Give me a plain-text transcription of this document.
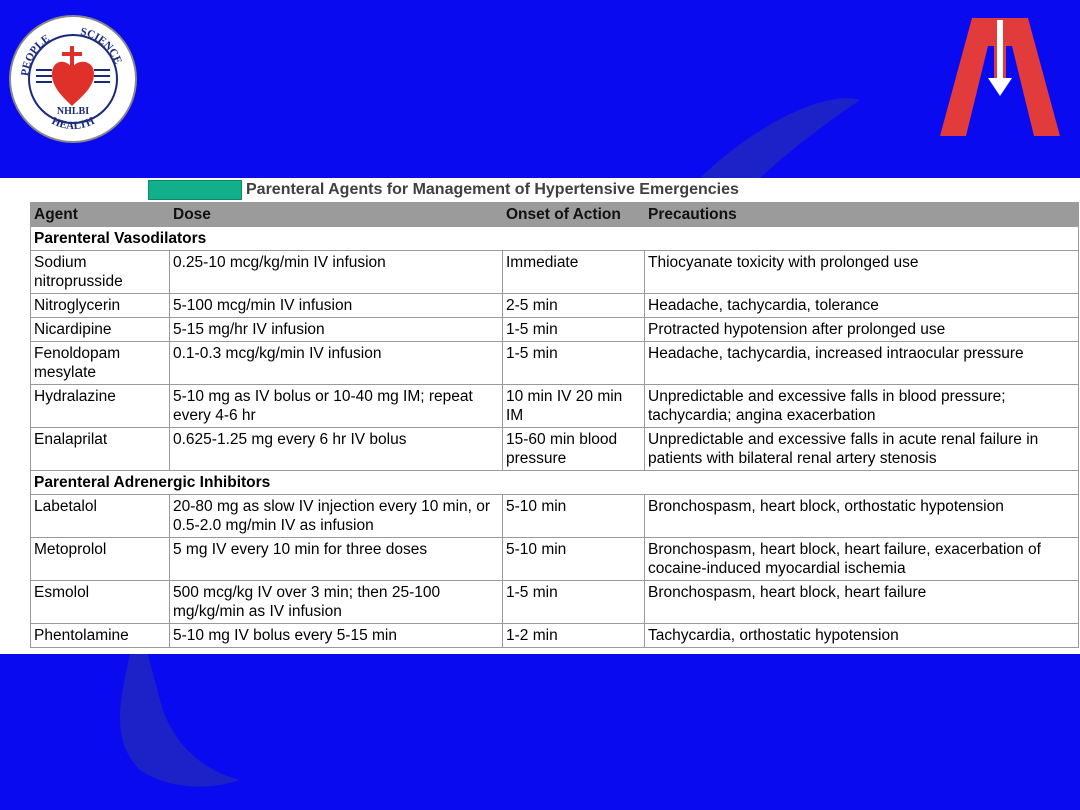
PEOPLE
SCIENCE
HEALTH
NHLBI
Parenteral Agents for Management of Hypertensive Emergencies
Agent	Dose	Onset of Action	Precautions
Parenteral Vasodilators			
Sodium nitroprusside	0.25-10 mcg/kg/min IV infusion	Immediate	Thiocyanate toxicity with prolonged use
Nitroglycerin	5-100 mcg/min IV infusion	2-5 min	Headache, tachycardia, tolerance
Nicardipine	5-15 mg/hr IV infusion	1-5 min	Protracted hypotension after prolonged use
Fenoldopam mesylate	0.1-0.3 mcg/kg/min IV infusion	1-5 min	Headache, tachycardia, increased intraocular pressure
Hydralazine	5-10 mg as IV bolus or 10-40 mg IM; repeat every 4-6 hr	10 min IV 20 min IM	Unpredictable and excessive falls in blood pressure; tachycardia; angina exacerbation
Enalaprilat	0.625-1.25 mg every 6 hr IV bolus	15-60 min blood pressure	Unpredictable and excessive falls in acute renal failure in patients with bilateral renal artery stenosis
Parenteral Adrenergic Inhibitors			
Labetalol	20-80 mg as slow IV injection every 10 min, or 0.5-2.0 mg/min IV as infusion	5-10 min	Bronchospasm, heart block, orthostatic hypotension
Metoprolol	5 mg IV every 10 min for three doses	5-10 min	Bronchospasm, heart block, heart failure, exacerbation of cocaine-induced myocardial ischemia
Esmolol	500 mcg/kg IV over 3 min; then 25-100 mg/kg/min as IV infusion	1-5 min	Bronchospasm, heart block, heart failure
Phentolamine	5-10 mg IV bolus every 5-15 min	1-2 min	Tachycardia, orthostatic hypotension
